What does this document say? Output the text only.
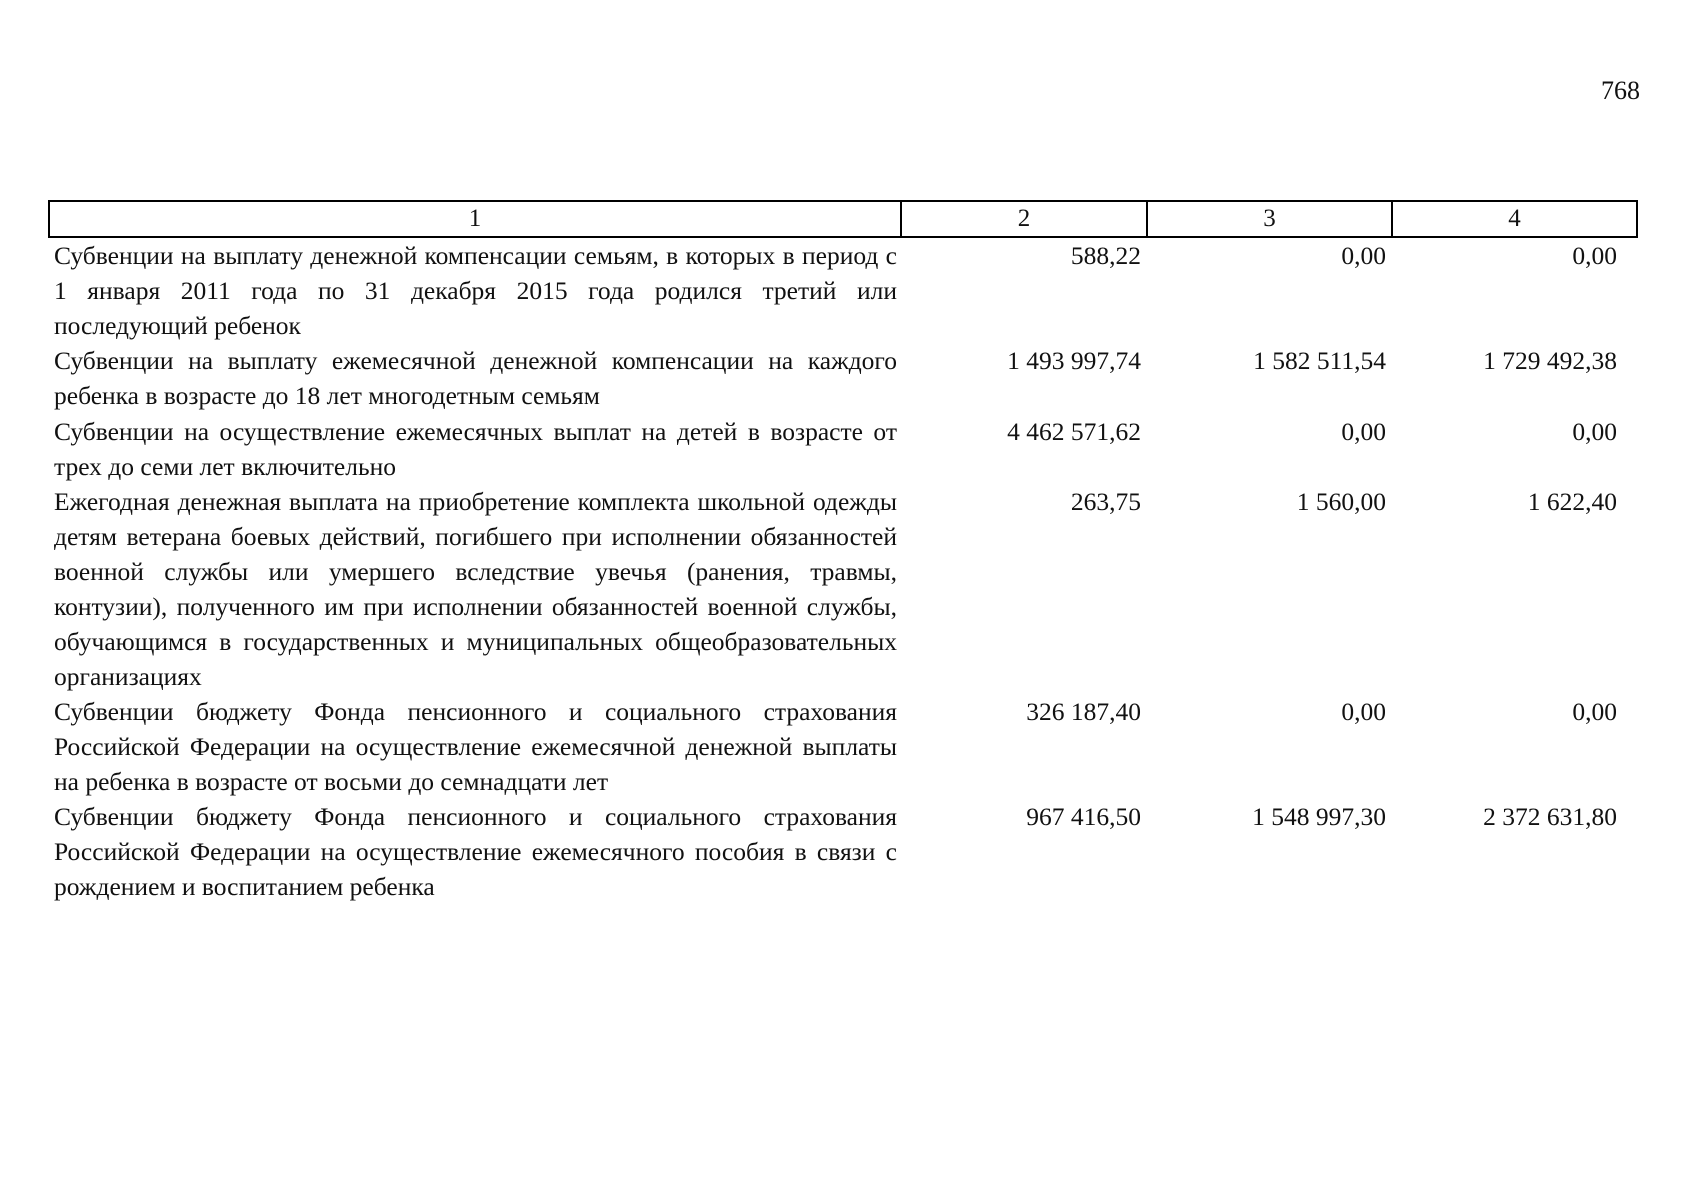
768
1	2	3	4
Субвенции на выплату денежной компенсации семьям, в которых в период с 1 января 2011 года по 31 декабря 2015 года родился третий или последующий ребенок	588,22	0,00	0,00
Субвенции на выплату ежемесячной денежной компенсации на каждого ребенка в возрасте до 18 лет многодетным семьям	1 493 997,74	1 582 511,54	1 729 492,38
Субвенции на осуществление ежемесячных выплат на детей в возрасте от трех до семи лет включительно	4 462 571,62	0,00	0,00
Ежегодная денежная выплата на приобретение комплекта школьной одежды детям ветерана боевых действий, погибшего при исполнении обязанностей военной службы или умершего вследствие увечья (ранения, травмы, контузии), полученного им при исполнении обязанностей военной службы, обучающимся в государственных и муниципальных общеобразовательных организациях	263,75	1 560,00	1 622,40
Субвенции бюджету Фонда пенсионного и социального страхования Российской Федерации на осуществление ежемесячной денежной выплаты на ребенка в возрасте от восьми до семнадцати лет	326 187,40	0,00	0,00
Субвенции бюджету Фонда пенсионного и социального страхования Российской Федерации на осуществление ежемесячного пособия в связи с рождением и воспитанием ребенка	967 416,50	1 548 997,30	2 372 631,80
